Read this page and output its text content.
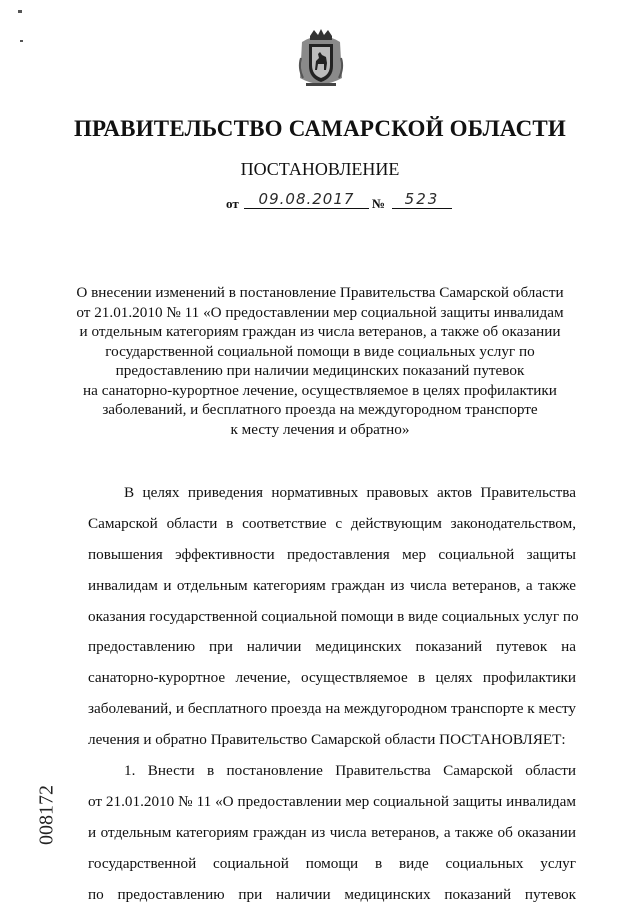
ПРАВИТЕЛЬСТВО САМАРСКОЙ ОБЛАСТИ
ПОСТАНОВЛЕНИЕ
от	09.08.2017	№	523
О внесении изменений в постановление Правительства Самарской области
от 21.01.2010 № 11 «О предоставлении мер социальной защиты инвалидам
и отдельным категориям граждан из числа ветеранов, а также об оказании
государственной социальной помощи в виде социальных услуг по
предоставлению при наличии медицинских показаний путевок
на санаторно-курортное лечение, осуществляемое в целях профилактики
заболеваний, и бесплатного проезда на междугородном транспорте
к месту лечения и обратно»
В целях приведения нормативных правовых актов Правительства
Самарской области в соответствие с действующим законодательством,
повышения эффективности предоставления мер социальной защиты
инвалидам и отдельным категориям граждан из числа ветеранов, а также
оказания государственной социальной помощи в виде социальных услуг по
предоставлению при наличии медицинских показаний путевок на
санаторно-курортное лечение, осуществляемое в целях профилактики
заболеваний, и бесплатного проезда на междугородном транспорте к месту
лечения и обратно Правительство Самарской области ПОСТАНОВЛЯЕТ:
1. Внести в постановление Правительства Самарской области
от 21.01.2010 № 11 «О предоставлении мер социальной защиты инвалидам
и отдельным категориям граждан из числа ветеранов, а также об оказании
государственной социальной помощи в виде социальных услуг
по предоставлению при наличии медицинских показаний путевок
008172
